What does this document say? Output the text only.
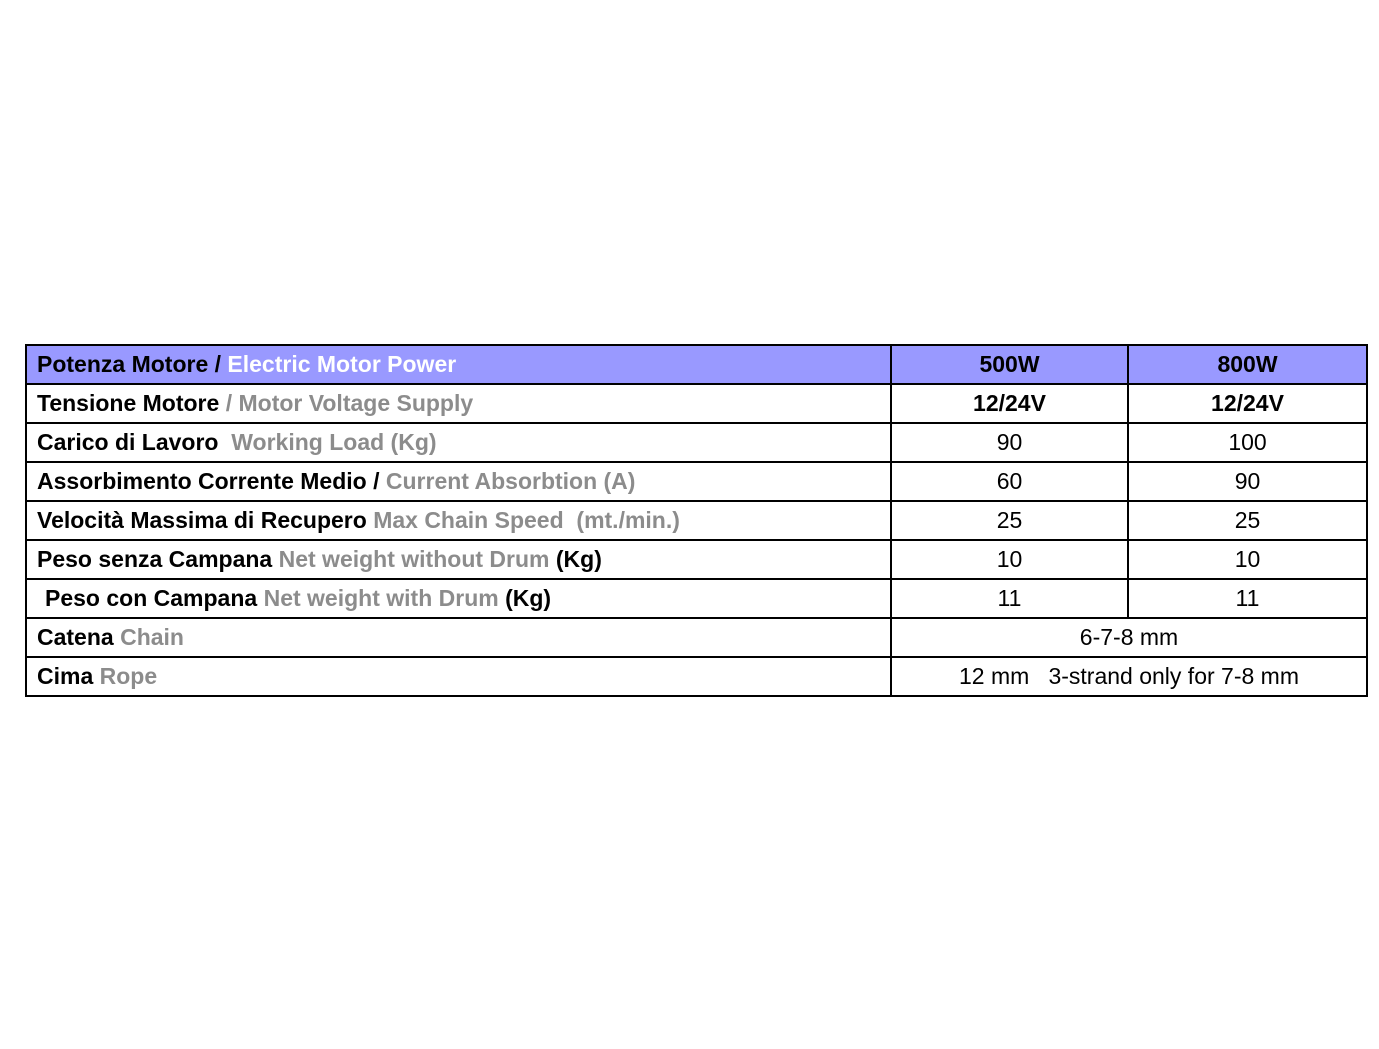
Potenza Motore / Electric Motor Power	500W	800W
Tensione Motore / Motor Voltage Supply	12/24V	12/24V
Carico di Lavoro Working Load (Kg)	90	100
Assorbimento Corrente Medio / Current Absorbtion (A)	60	90
Velocità Massima di Recupero Max Chain Speed (mt./min.)	25	25
Peso senza Campana Net weight without Drum (Kg)	10	10
Peso con Campana Net weight with Drum (Kg)	11	11
Catena Chain	6-7-8 mm	
Cima Rope	12 mm   3-strand only for 7-8 mm	
